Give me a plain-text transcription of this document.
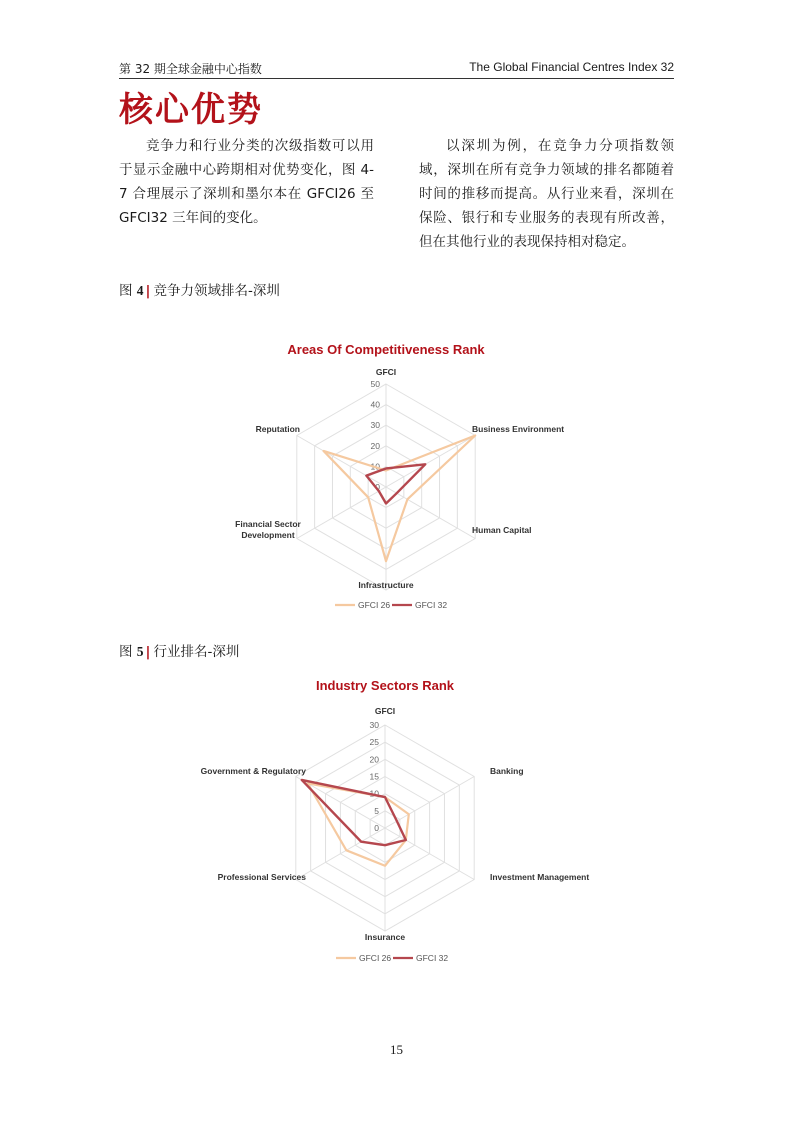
第 32 期全球金融中心指数	The Global Financial Centres Index 32
核心优势

竞争力和行业分类的次级指数可以用于显示金融中心跨期相对优势变化，图 4-7 合理展示了深圳和墨尔本在 GFCI26 至 GFCI32 三年间的变化。

以深圳为例，在竞争力分项指数领域，深圳在所有竞争力领域的排名都随着时间的推移而提高。从行业来看，深圳在保险、银行和专业服务的表现有所改善，但在其他行业的表现保持相对稳定。

图 4 | 竞争力领域排名-深圳
Areas Of Competitiveness Rank
0
10
20
30
40
50
GFCI
Business Environment
Human Capital
Infrastructure
Financial Sector Development
Reputation
GFCI 26	GFCI 32
图 5 | 行业排名-深圳
Industry Sectors Rank
0
5
10
15
20
25
30
GFCI
Banking
Investment Management
Insurance
Professional Services
Government & Regulatory
GFCI 26	GFCI 32
15
